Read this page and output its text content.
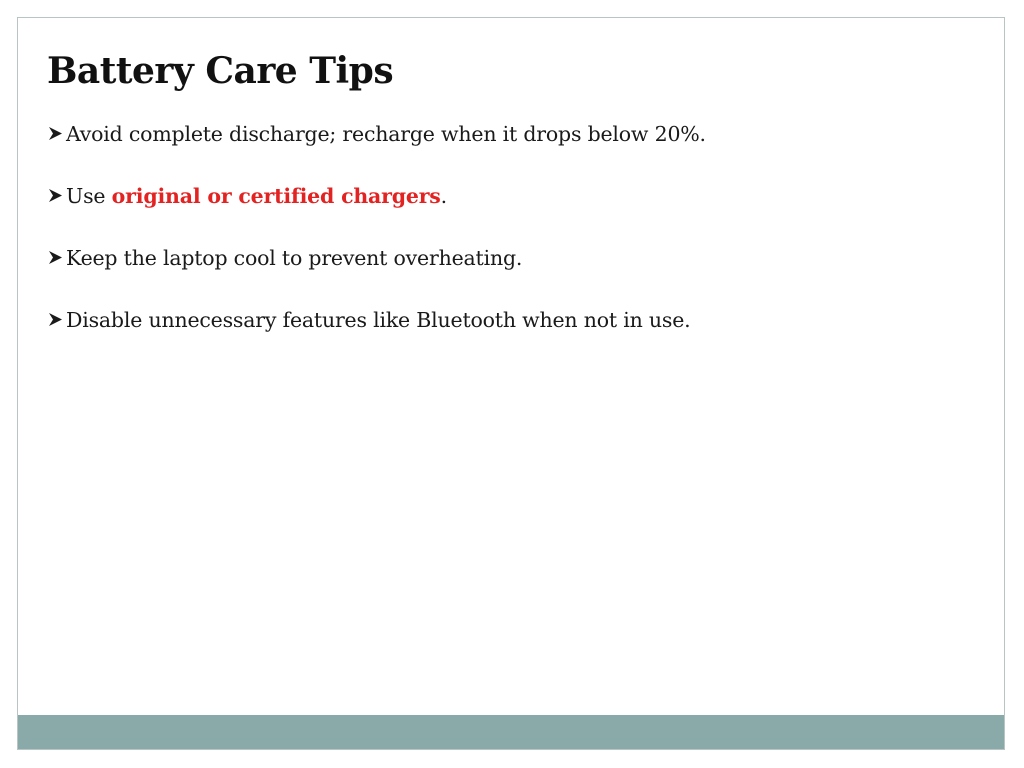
Battery Care Tips
Avoid complete discharge; recharge when it drops below 20%.
Use original or certified chargers.
Keep the laptop cool to prevent overheating.
Disable unnecessary features like Bluetooth when not in use.
